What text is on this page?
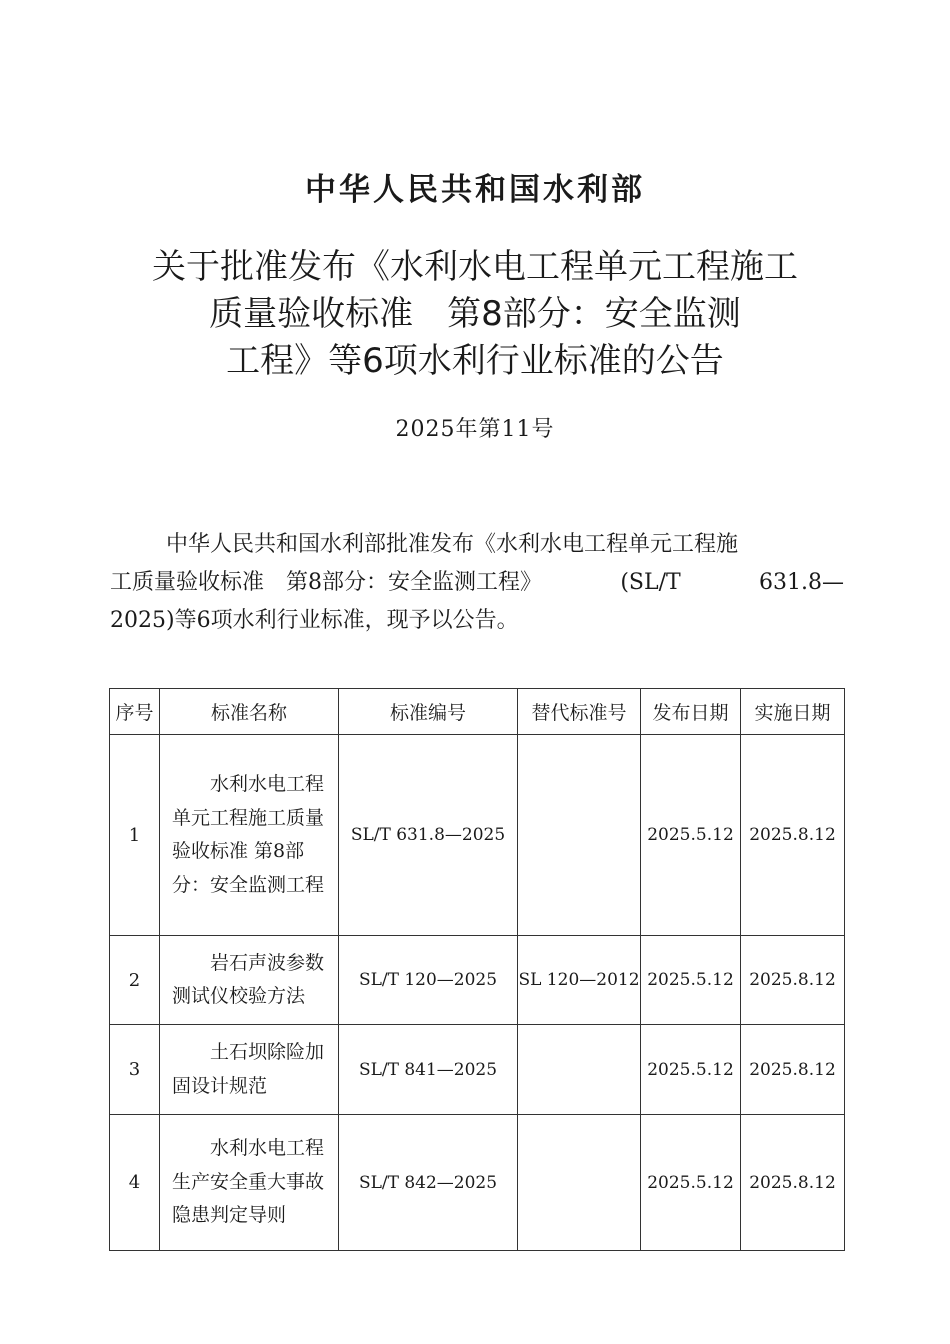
中华人民共和国水利部
关于批准发布《水利水电工程单元工程施工
质量验收标准　第8部分：安全监测
工程》等6项水利行业标准的公告
2025年第11号
中华人民共和国水利部批准发布《水利水电工程单元工程施
工质量验收标准　第8部分：安全监测工程》	(SL/T	631.8—
2025)等6项水利行业标准，现予以公告。
序号	标准名称	标准编号	替代标准号	发布日期	实施日期
1	水利水电工程单元工程施工质量验收标准 第8部分：安全监测工程	SL/T 631.8—2025		2025.5.12	2025.8.12
2	岩石声波参数测试仪校验方法	SL/T 120—2025	SL 120—2012	2025.5.12	2025.8.12
3	土石坝除险加固设计规范	SL/T 841—2025		2025.5.12	2025.8.12
4	水利水电工程生产安全重大事故隐患判定导则	SL/T 842—2025		2025.5.12	2025.8.12
